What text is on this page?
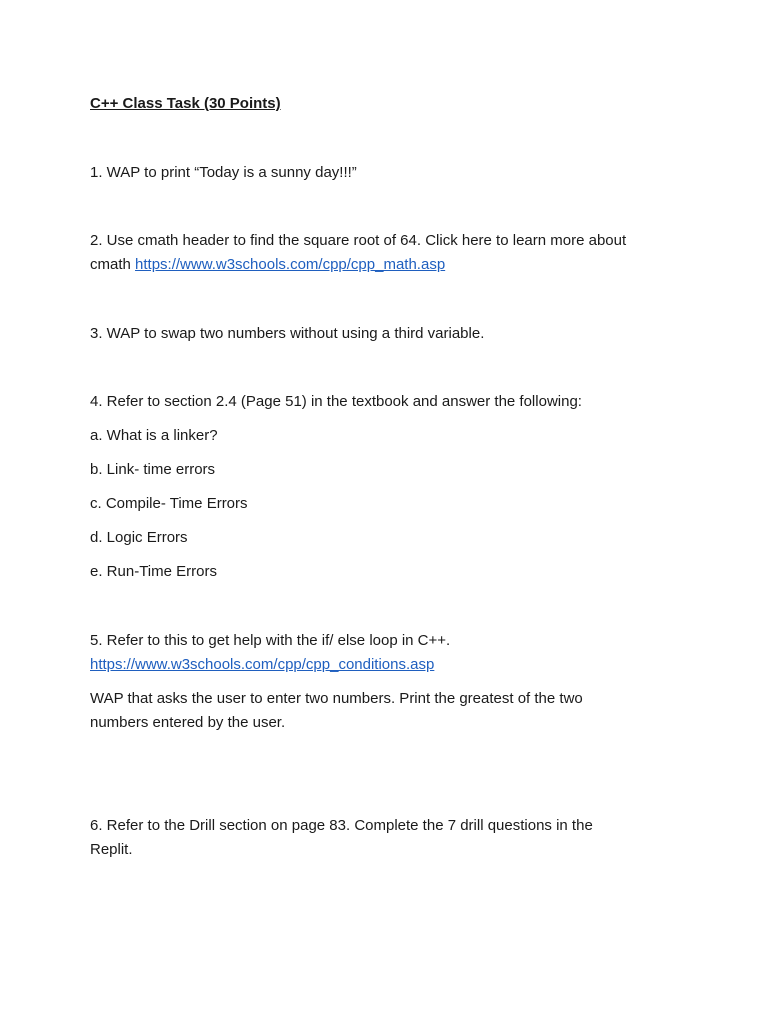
C++ Class Task (30 Points)
1. WAP to print “Today is a sunny day!!!”
2. Use cmath header to find the square root of 64. Click here to learn more about
cmath https://www.w3schools.com/cpp/cpp_math.asp
3. WAP to swap two numbers without using a third variable.
4. Refer to section 2.4 (Page 51) in the textbook and answer the following:
a. What is a linker?
b. Link- time errors
c. Compile- Time Errors
d. Logic Errors
e. Run-Time Errors
5. Refer to this to get help with the if/ else loop in C++.
https://www.w3schools.com/cpp/cpp_conditions.asp
WAP that asks the user to enter two numbers. Print the greatest of the two
numbers entered by the user.
6. Refer to the Drill section on page 83. Complete the 7 drill questions in the
Replit.
